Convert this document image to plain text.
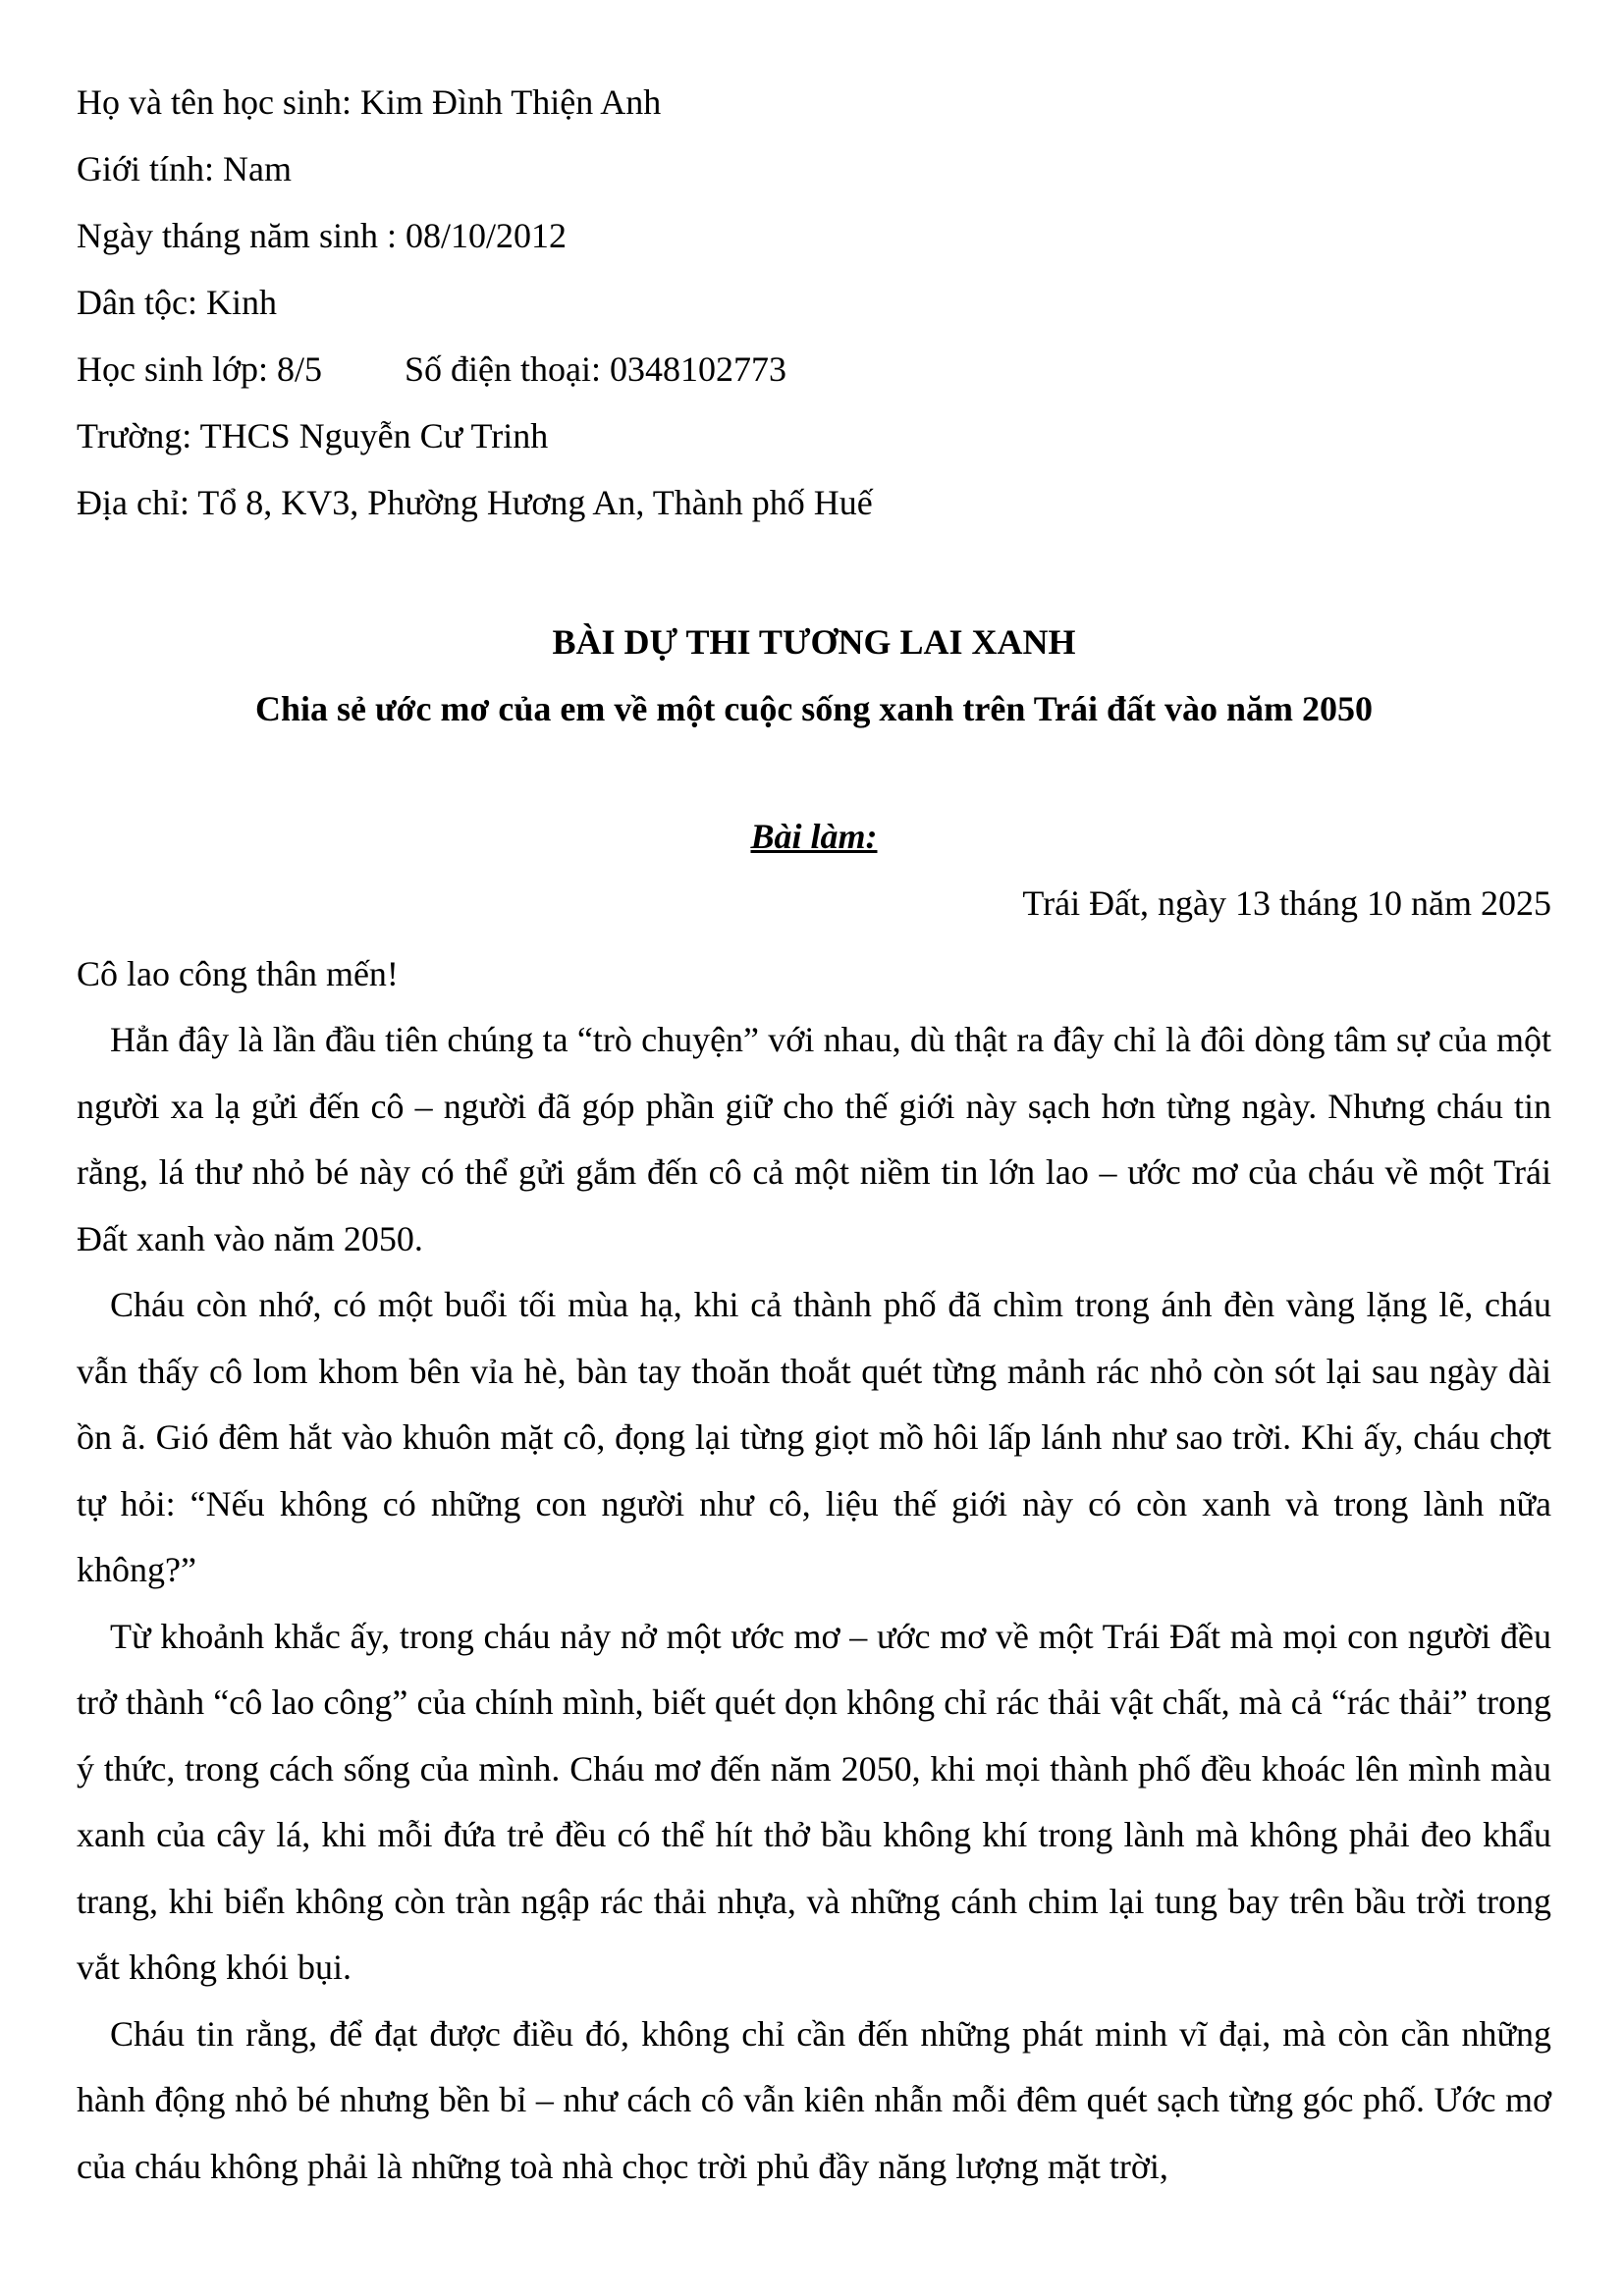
Họ và tên học sinh: Kim Đình Thiện Anh
Giới tính: Nam
Ngày tháng năm sinh : 08/10/2012
Dân tộc: Kinh
Học sinh lớp: 8/5 Số điện thoại: 0348102773
Trường: THCS Nguyễn Cư Trinh
Địa chỉ: Tổ 8, KV3, Phường Hương An, Thành phố Huế
BÀI DỰ THI TƯƠNG LAI XANH
Chia sẻ ước mơ của em về một cuộc sống xanh trên Trái đất vào năm 2050
Bài làm:
Trái Đất, ngày 13 tháng 10 năm 2025
Cô lao công thân mến!

Hẳn đây là lần đầu tiên chúng ta “trò chuyện” với nhau, dù thật ra đây chỉ là đôi dòng tâm sự của một người xa lạ gửi đến cô – người đã góp phần giữ cho thế giới này sạch hơn từng ngày. Nhưng cháu tin rằng, lá thư nhỏ bé này có thể gửi gắm đến cô cả một niềm tin lớn lao – ước mơ của cháu về một Trái Đất xanh vào năm 2050.

Cháu còn nhớ, có một buổi tối mùa hạ, khi cả thành phố đã chìm trong ánh đèn vàng lặng lẽ, cháu vẫn thấy cô lom khom bên vỉa hè, bàn tay thoăn thoắt quét từng mảnh rác nhỏ còn sót lại sau ngày dài ồn ã. Gió đêm hắt vào khuôn mặt cô, đọng lại từng giọt mồ hôi lấp lánh như sao trời. Khi ấy, cháu chợt tự hỏi: “Nếu không có những con người như cô, liệu thế giới này có còn xanh và trong lành nữa không?”

Từ khoảnh khắc ấy, trong cháu nảy nở một ước mơ – ước mơ về một Trái Đất mà mọi con người đều trở thành “cô lao công” của chính mình, biết quét dọn không chỉ rác thải vật chất, mà cả “rác thải” trong ý thức, trong cách sống của mình. Cháu mơ đến năm 2050, khi mọi thành phố đều khoác lên mình màu xanh của cây lá, khi mỗi đứa trẻ đều có thể hít thở bầu không khí trong lành mà không phải đeo khẩu trang, khi biển không còn tràn ngập rác thải nhựa, và những cánh chim lại tung bay trên bầu trời trong vắt không khói bụi.

Cháu tin rằng, để đạt được điều đó, không chỉ cần đến những phát minh vĩ đại, mà còn cần những hành động nhỏ bé nhưng bền bỉ – như cách cô vẫn kiên nhẫn mỗi đêm quét sạch từng góc phố. Ước mơ của cháu không phải là những toà nhà chọc trời phủ đầy năng lượng mặt trời,
